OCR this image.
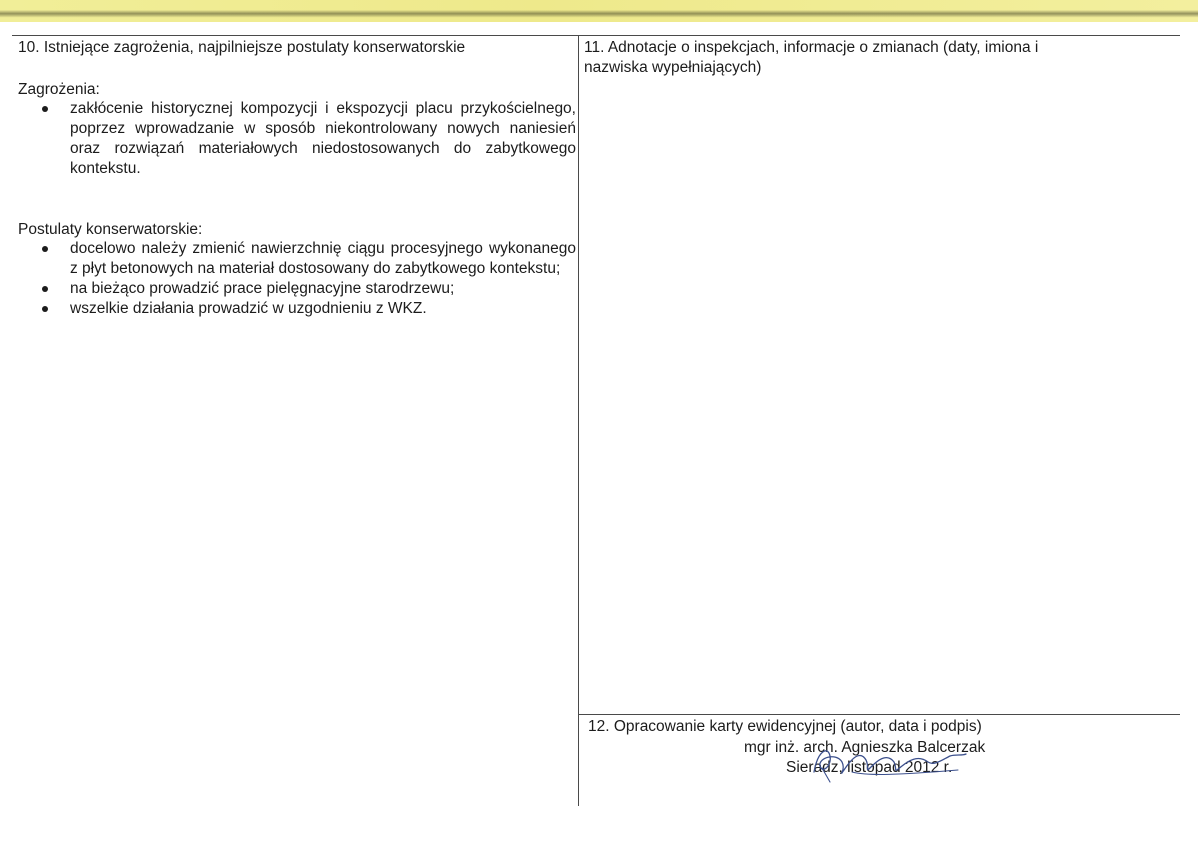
10. Istniejące zagrożenia, najpilniejsze postulaty konserwatorskie
Zagrożenia:
zakłócenie historycznej kompozycji i ekspozycji placu przykościelnego, poprzez wprowadzanie w sposób niekontrolowany nowych naniesień oraz rozwiązań materiałowych niedostosowanych do zabytkowego kontekstu.
Postulaty konserwatorskie:
docelowo należy zmienić nawierzchnię ciągu procesyjnego wykonanego z płyt betonowych na materiał dostosowany do zabytkowego kontekstu;
na bieżąco prowadzić prace pielęgnacyjne starodrzewu;
wszelkie działania prowadzić w uzgodnieniu z WKZ.
11. Adnotacje o inspekcjach, informacje o zmianach (daty, imiona i
nazwiska wypełniających)
12. Opracowanie karty ewidencyjnej (autor, data i podpis)
mgr inż. arch. Agnieszka Balcerzak
Sieradz, listopad 2012 r.
